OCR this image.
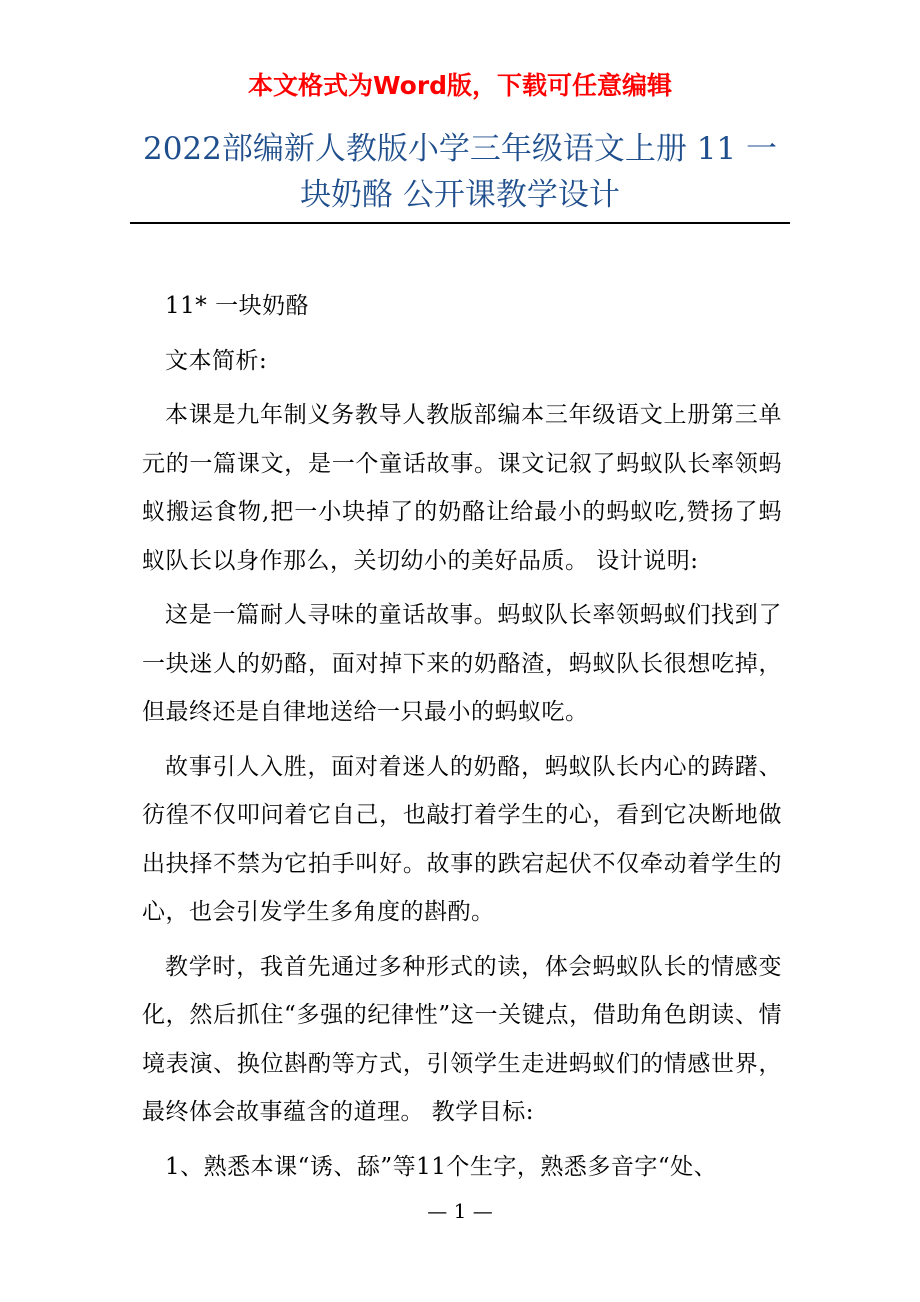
本文格式为Word版，下载可任意编辑
2022部编新人教版小学三年级语文上册 11 一块奶酪 公开课教学设计

11* 一块奶酪

文本简析:

本课是九年制义务教导人教版部编本三年级语文上册第三单元的一篇课文，是一个童话故事。课文记叙了蚂蚁队长率领蚂蚁搬运食物,把一小块掉了的奶酪让给最小的蚂蚁吃,赞扬了蚂蚁队长以身作那么，关切幼小的美好品质。 设计说明:

这是一篇耐人寻味的童话故事。蚂蚁队长率领蚂蚁们找到了一块迷人的奶酪，面对掉下来的奶酪渣，蚂蚁队长很想吃掉，但最终还是自律地送给一只最小的蚂蚁吃。

故事引人入胜，面对着迷人的奶酪，蚂蚁队长内心的踌躇、彷徨不仅叩问着它自己，也敲打着学生的心，看到它决断地做出抉择不禁为它拍手叫好。故事的跌宕起伏不仅牵动着学生的心，也会引发学生多角度的斟酌。

教学时，我首先通过多种形式的读，体会蚂蚁队长的情感变化，然后抓住“多强的纪律性”这一关键点，借助角色朗读、情境表演、换位斟酌等方式，引领学生走进蚂蚁们的情感世界，最终体会故事蕴含的道理。 教学目标:

1、熟悉本课“诱、舔”等11个生字，熟悉多音字“处、

— 1 —
